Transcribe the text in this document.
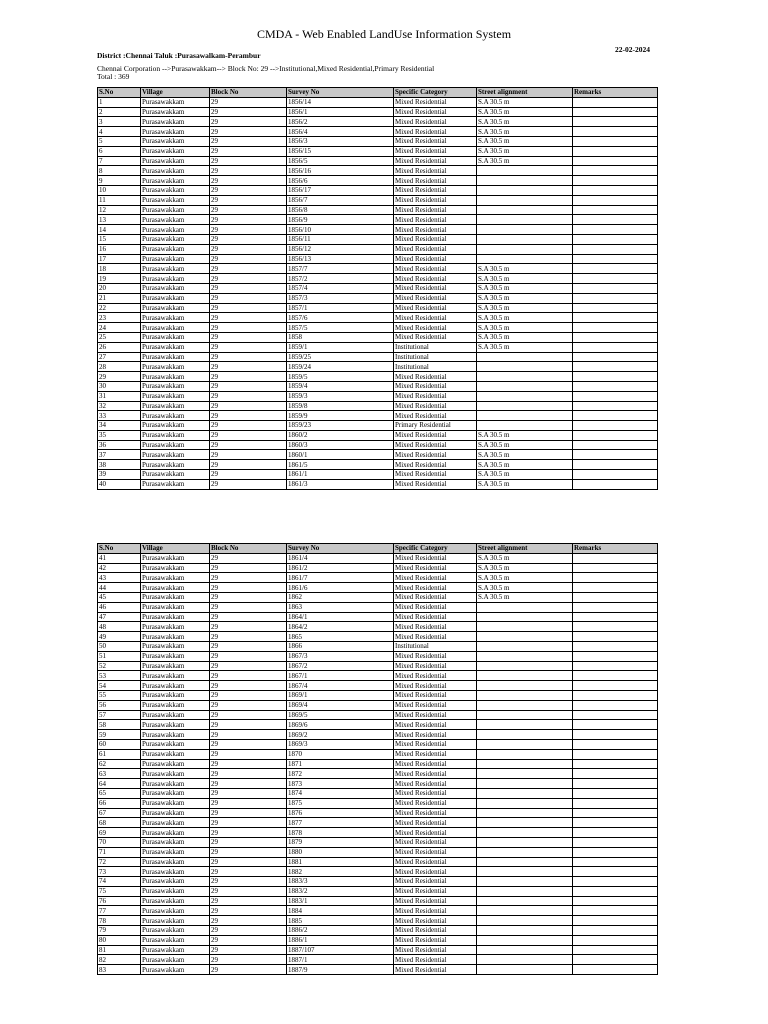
CMDA - Web Enabled LandUse Information System
22-02-2024
District :Chennai Taluk :Purasawalkam-Perambur
Chennai Corporation -->Purasawakkam--> Block No: 29 -->Institutional,Mixed Residential,Primary Residential
Total : 369
S.No	Village	Block No	Survey No	Specific Category	Street alignment	Remarks
1	Purasawakkam	29	1856/14	Mixed Residential	S.A 30.5 m	
2	Purasawakkam	29	1856/1	Mixed Residential	S.A 30.5 m	
3	Purasawakkam	29	1856/2	Mixed Residential	S.A 30.5 m	
4	Purasawakkam	29	1856/4	Mixed Residential	S.A 30.5 m	
5	Purasawakkam	29	1856/3	Mixed Residential	S.A 30.5 m	
6	Purasawakkam	29	1856/15	Mixed Residential	S.A 30.5 m	
7	Purasawakkam	29	1856/5	Mixed Residential	S.A 30.5 m	
8	Purasawakkam	29	1856/16	Mixed Residential		
9	Purasawakkam	29	1856/6	Mixed Residential		
10	Purasawakkam	29	1856/17	Mixed Residential		
11	Purasawakkam	29	1856/7	Mixed Residential		
12	Purasawakkam	29	1856/8	Mixed Residential		
13	Purasawakkam	29	1856/9	Mixed Residential		
14	Purasawakkam	29	1856/10	Mixed Residential		
15	Purasawakkam	29	1856/11	Mixed Residential		
16	Purasawakkam	29	1856/12	Mixed Residential		
17	Purasawakkam	29	1856/13	Mixed Residential		
18	Purasawakkam	29	1857/7	Mixed Residential	S.A 30.5 m	
19	Purasawakkam	29	1857/2	Mixed Residential	S.A 30.5 m	
20	Purasawakkam	29	1857/4	Mixed Residential	S.A 30.5 m	
21	Purasawakkam	29	1857/3	Mixed Residential	S.A 30.5 m	
22	Purasawakkam	29	1857/1	Mixed Residential	S.A 30.5 m	
23	Purasawakkam	29	1857/6	Mixed Residential	S.A 30.5 m	
24	Purasawakkam	29	1857/5	Mixed Residential	S.A 30.5 m	
25	Purasawakkam	29	1858	Mixed Residential	S.A 30.5 m	
26	Purasawakkam	29	1859/1	Institutional	S.A 30.5 m	
27	Purasawakkam	29	1859/25	Institutional		
28	Purasawakkam	29	1859/24	Institutional		
29	Purasawakkam	29	1859/5	Mixed Residential		
30	Purasawakkam	29	1859/4	Mixed Residential		
31	Purasawakkam	29	1859/3	Mixed Residential		
32	Purasawakkam	29	1859/8	Mixed Residential		
33	Purasawakkam	29	1859/9	Mixed Residential		
34	Purasawakkam	29	1859/23	Primary Residential		
35	Purasawakkam	29	1860/2	Mixed Residential	S.A 30.5 m	
36	Purasawakkam	29	1860/3	Mixed Residential	S.A 30.5 m	
37	Purasawakkam	29	1860/1	Mixed Residential	S.A 30.5 m	
38	Purasawakkam	29	1861/5	Mixed Residential	S.A 30.5 m	
39	Purasawakkam	29	1861/1	Mixed Residential	S.A 30.5 m	
40	Purasawakkam	29	1861/3	Mixed Residential	S.A 30.5 m	
S.No	Village	Block No	Survey No	Specific Category	Street alignment	Remarks
41	Purasawakkam	29	1861/4	Mixed Residential	S.A 30.5 m	
42	Purasawakkam	29	1861/2	Mixed Residential	S.A 30.5 m	
43	Purasawakkam	29	1861/7	Mixed Residential	S.A 30.5 m	
44	Purasawakkam	29	1861/6	Mixed Residential	S.A 30.5 m	
45	Purasawakkam	29	1862	Mixed Residential	S.A 30.5 m	
46	Purasawakkam	29	1863	Mixed Residential		
47	Purasawakkam	29	1864/1	Mixed Residential		
48	Purasawakkam	29	1864/2	Mixed Residential		
49	Purasawakkam	29	1865	Mixed Residential		
50	Purasawakkam	29	1866	Institutional		
51	Purasawakkam	29	1867/3	Mixed Residential		
52	Purasawakkam	29	1867/2	Mixed Residential		
53	Purasawakkam	29	1867/1	Mixed Residential		
54	Purasawakkam	29	1867/4	Mixed Residential		
55	Purasawakkam	29	1869/1	Mixed Residential		
56	Purasawakkam	29	1869/4	Mixed Residential		
57	Purasawakkam	29	1869/5	Mixed Residential		
58	Purasawakkam	29	1869/6	Mixed Residential		
59	Purasawakkam	29	1869/2	Mixed Residential		
60	Purasawakkam	29	1869/3	Mixed Residential		
61	Purasawakkam	29	1870	Mixed Residential		
62	Purasawakkam	29	1871	Mixed Residential		
63	Purasawakkam	29	1872	Mixed Residential		
64	Purasawakkam	29	1873	Mixed Residential		
65	Purasawakkam	29	1874	Mixed Residential		
66	Purasawakkam	29	1875	Mixed Residential		
67	Purasawakkam	29	1876	Mixed Residential		
68	Purasawakkam	29	1877	Mixed Residential		
69	Purasawakkam	29	1878	Mixed Residential		
70	Purasawakkam	29	1879	Mixed Residential		
71	Purasawakkam	29	1880	Mixed Residential		
72	Purasawakkam	29	1881	Mixed Residential		
73	Purasawakkam	29	1882	Mixed Residential		
74	Purasawakkam	29	1883/3	Mixed Residential		
75	Purasawakkam	29	1883/2	Mixed Residential		
76	Purasawakkam	29	1883/1	Mixed Residential		
77	Purasawakkam	29	1884	Mixed Residential		
78	Purasawakkam	29	1885	Mixed Residential		
79	Purasawakkam	29	1886/2	Mixed Residential		
80	Purasawakkam	29	1886/1	Mixed Residential		
81	Purasawakkam	29	1887/107	Mixed Residential		
82	Purasawakkam	29	1887/1	Mixed Residential		
83	Purasawakkam	29	1887/9	Mixed Residential		
